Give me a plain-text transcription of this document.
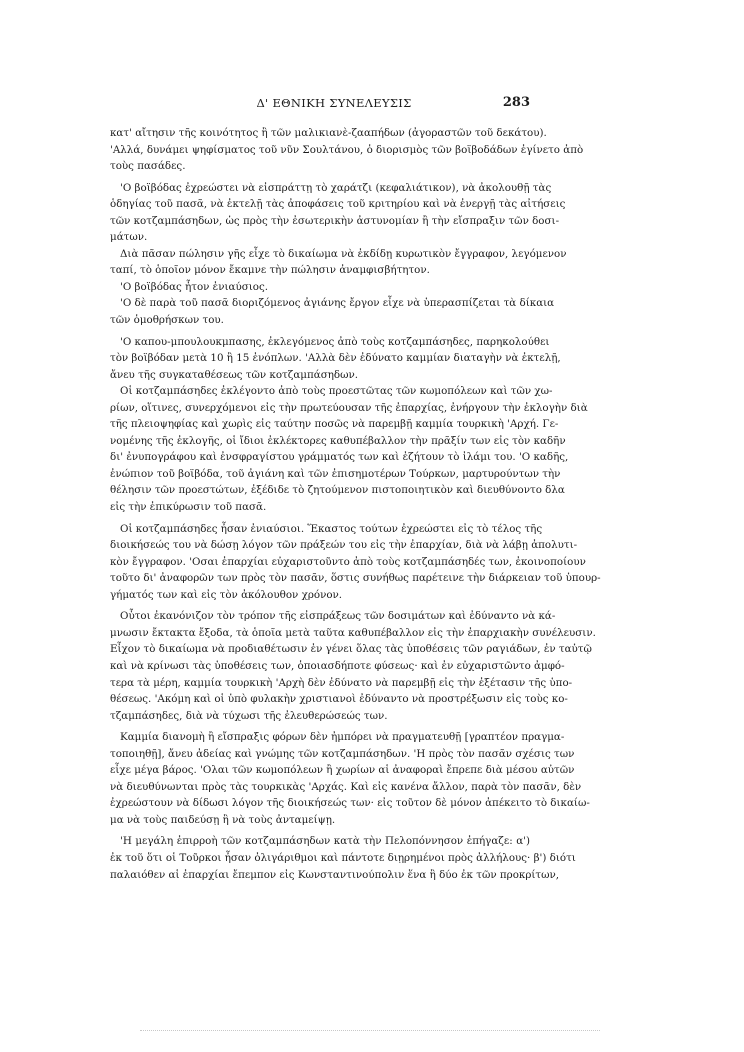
Δ' ΕΘΝΙΚΗ ΣΥΝΕΛΕΥΣΙΣ	283
κατ' αἴτησιν τῆς κοινότητος ἢ τῶν μαλικιανὲ-ζααπήδων (ἀγοραστῶν τοῦ δεκάτου).
'Αλλά, δυνάμει ψηφίσματος τοῦ νῦν Σουλτάνου, ὁ διορισμὸς τῶν βοϊβοδάδων ἐγίνετο ἀπὸ
τοὺς πασάδες.
'Ο βοϊβόδας ἐχρεώστει νὰ εἰσπράττῃ τὸ χαράτζι (κεφαλιάτικον), νὰ ἀκολουθῇ τὰς
ὁδηγίας τοῦ πασᾶ, νὰ ἐκτελῇ τὰς ἀποφάσεις τοῦ κριτηρίου καὶ νὰ ἐνεργῇ τὰς αἰτήσεις
τῶν κοτζαμπάσηδων, ὡς πρὸς τὴν ἐσωτερικὴν ἀστυνομίαν ἢ τὴν εἴσπραξιν τῶν δοσι-
μάτων.
Διὰ πᾶσαν πώλησιν γῆς εἶχε τὸ δικαίωμα νὰ ἐκδίδῃ κυρωτικὸν ἔγγραφον, λεγόμενον
ταπί, τὸ ὁποῖον μόνον ἔκαμνε τὴν πώλησιν ἀναμφισβήτητον.
'Ο βοϊβόδας ἦτον ἐνιαύσιος.
'Ο δὲ παρὰ τοῦ πασᾶ διοριζόμενος ἀγιάνης ἔργον εἶχε νὰ ὑπερασπίζεται τὰ δίκαια
τῶν ὁμοθρήσκων του.
'Ο καπου-μπουλουκμπασης, ἐκλεγόμενος ἀπὸ τοὺς κοτζαμπάσηδες, παρηκολούθει
τὸν βοϊβόδαν μετὰ 10 ἢ 15 ἐνόπλων. 'Αλλὰ δὲν ἐδύνατο καμμίαν διαταγὴν νὰ ἐκτελῇ,
ἄνευ τῆς συγκαταθέσεως τῶν κοτζαμπάσηδων.
Οἱ κοτζαμπάσηδες ἐκλέγοντο ἀπὸ τοὺς προεστῶτας τῶν κωμοπόλεων καὶ τῶν χω-
ρίων, οἵτινες, συνερχόμενοι εἰς τὴν πρωτεύουσαν τῆς ἐπαρχίας, ἐνήργουν τὴν ἐκλογὴν διὰ
τῆς πλειοψηφίας καὶ χωρὶς εἰς ταύτην ποσῶς νὰ παρεμβῇ καμμία τουρκικὴ 'Αρχή. Γε-
νομένης τῆς ἐκλογῆς, οἱ ἴδιοι ἐκλέκτορες καθυπέβαλλον τὴν πρᾶξίν των εἰς τὸν καδῆν
δι' ἐνυπογράφου καὶ ἐνσφραγίστου γράμματός των καὶ ἐζήτουν τὸ ἰλάμι του. 'Ο καδῆς,
ἐνώπιον τοῦ βοϊβόδα, τοῦ ἀγιάνη καὶ τῶν ἐπισημοτέρων Τούρκων, μαρτυρούντων τὴν
θέλησιν τῶν προεστώτων, ἐξέδιδε τὸ ζητούμενον πιστοποιητικὸν καὶ διευθύνοντο δλα
εἰς τὴν ἐπικύρωσιν τοῦ πασᾶ.
Οἱ κοτζαμπάσηδες ἦσαν ἐνιαύσιοι. Ἕκαστος τούτων ἐχρεώστει εἰς τὸ τέλος τῆς
διοικήσεώς του νὰ δώσῃ λόγον τῶν πράξεών του εἰς τὴν ἐπαρχίαν, διὰ νὰ λάβῃ ἀπολυτι-
κὸν ἔγγραφον. 'Οσαι ἐπαρχίαι εὐχαριστοῦντο ἀπὸ τοὺς κοτζαμπάσηδές των, ἐκοινοποίουν
τοῦτο δι' ἀναφορῶν των πρὸς τὸν πασᾶν, ὅστις συνήθως παρέτεινε τὴν διάρκειαν τοῦ ὑπουρ-
γήματός των καὶ εἰς τὸν ἀκόλουθον χρόνον.
Οὗτοι ἐκανόνιζον τὸν τρόπον τῆς εἰσπράξεως τῶν δοσιμάτων καὶ ἐδύναντο νὰ κά-
μνωσιν ἔκτακτα ἔξοδα, τὰ ὁποῖα μετὰ ταῦτα καθυπέβαλλον εἰς τὴν ἐπαρχιακὴν συνέλευσιν.
Εἶχον τὸ δικαίωμα νὰ προδιαθέτωσιν ἐν γένει ὅλας τὰς ὑποθέσεις τῶν ραγιάδων, ἐν ταὐτῷ
καὶ νὰ κρίνωσι τὰς ὑποθέσεις των, ὁποιασδήποτε φύσεως· καὶ ἐν εὐχαριστῶντο ἀμφό-
τερα τὰ μέρη, καμμία τουρκικὴ 'Αρχὴ δὲν ἐδύνατο νὰ παρεμβῇ εἰς τὴν ἐξέτασιν τῆς ὑπο-
θέσεως. 'Ακόμη καὶ οἱ ὑπὸ φυλακὴν χριστιανοὶ ἐδύναντο νὰ προστρέξωσιν εἰς τοὺς κο-
τζαμπάσηδες, διὰ νὰ τύχωσι τῆς ἐλευθερώσεώς των.
Καμμία διανομὴ ἢ εἴσπραξις φόρων δὲν ἠμπόρει νὰ πραγματευθῇ [γραπτέον πραγμα-
τοποιηθῇ], ἄνευ ἀδείας καὶ γνώμης τῶν κοτζαμπάσηδων. 'Η πρὸς τὸν πασᾶν σχέσις των
εἶχε μέγα βάρος. 'Ολαι τῶν κωμοπόλεων ἢ χωρίων αἱ ἀναφοραὶ ἔπρεπε διὰ μέσου αὐτῶν
νὰ διευθύνωνται πρὸς τὰς τουρκικὰς 'Αρχάς. Καὶ εἰς κανένα ἄλλον, παρὰ τὸν πασᾶν, δὲν
ἐχρεώστουν νὰ δίδωσι λόγον τῆς διοικήσεώς των· εἰς τοῦτον δὲ μόνον ἀπέκειτο τὸ δικαίω-
μα νὰ τοὺς παιδεύσῃ ἢ νὰ τοὺς ἀνταμείψῃ.
'Η μεγάλη ἐπιρροὴ τῶν κοτζαμπάσηδων κατὰ τὴν Πελοπόννησον ἐπήγαζε: α')
ἐκ τοῦ ὅτι οἱ Τοῦρκοι ἦσαν ὀλιγάριθμοι καὶ πάντοτε διῃρημένοι πρὸς ἀλλήλους· β') διότι
παλαιόθεν αἱ ἐπαρχίαι ἔπεμπον εἰς Κωνσταντινούπολιν ἕνα ἢ δύο ἐκ τῶν προκρίτων,
